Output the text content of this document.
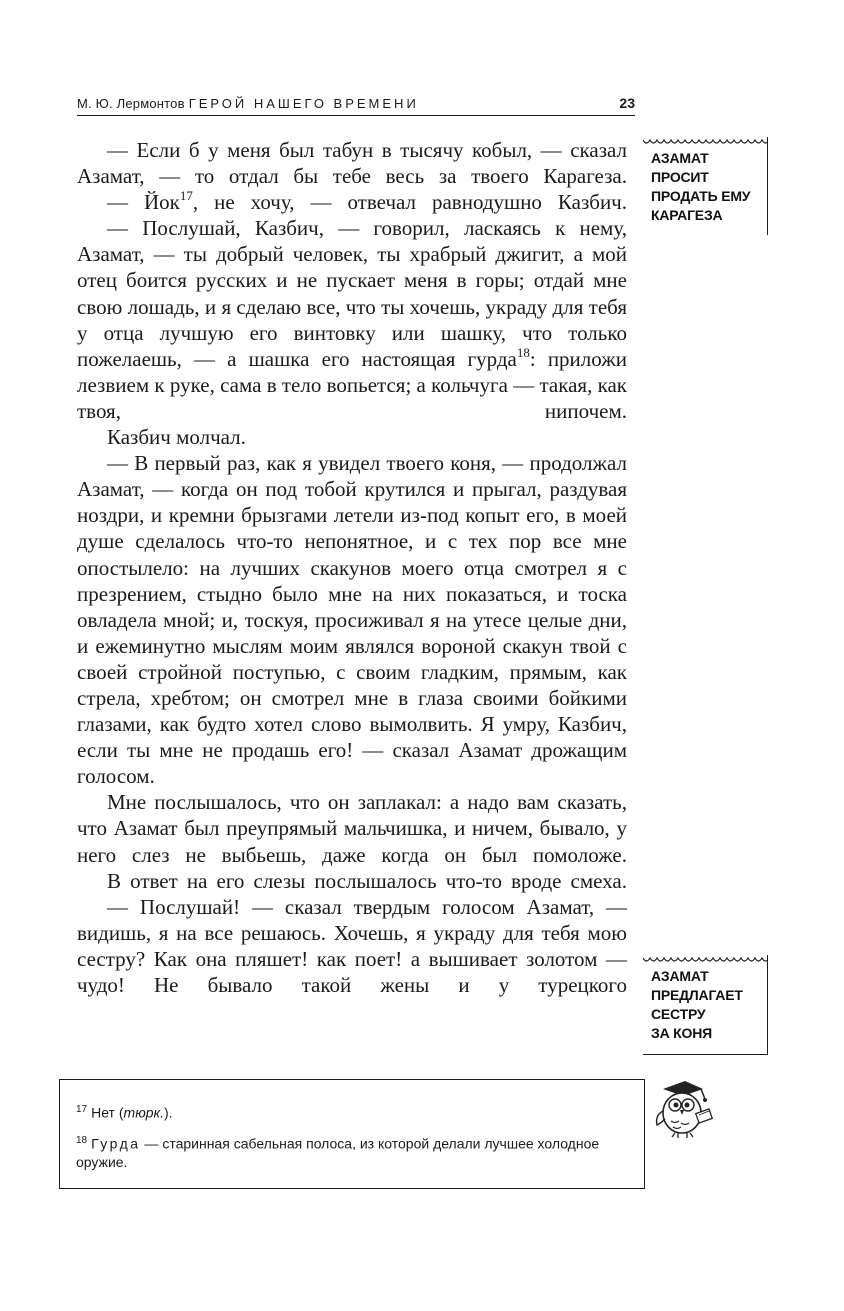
М. Ю. Лермонтов ГЕРОЙ НАШЕГО ВРЕМЕНИ	23

— Если б у меня был табун в тысячу кобыл, — сказал Азамат, — то отдал бы тебе весь за твоего Карагеза.

— Йок$^{17}$, не хочу, — отвечал равнодушно Казбич.

— Послушай, Казбич, — говорил, ласкаясь к нему, Азамат, — ты добрый человек, ты храбрый джигит, а мой отец боится русских и не пускает меня в горы; отдай мне свою лошадь, и я сделаю все, что ты хочешь, украду для тебя у отца лучшую его винтовку или шашку, что только пожелаешь, — а шашка его настоящая гурда$^{18}$: приложи лезвием к руке, сама в тело вопьется; а кольчуга — такая, как твоя, нипочем.

Казбич молчал.

— В первый раз, как я увидел твоего коня, — продолжал Азамат, — когда он под тобой крутился и прыгал, раздувая ноздри, и кремни брызгами летели из-под копыт его, в моей душе сделалось что-то непонятное, и с тех пор все мне опостылело: на лучших скакунов моего отца смотрел я с презрением, стыдно было мне на них показаться, и тоска овладела мной; и, тоскуя, просиживал я на утесе целые дни, и ежеминутно мыслям моим являлся вороной скакун твой с своей стройной поступью, с своим гладким, прямым, как стрела, хребтом; он смотрел мне в глаза своими бойкими глазами, как будто хотел слово вымолвить. Я умру, Казбич, если ты мне не продашь его! — сказал Азамат дрожащим голосом.

Мне послышалось, что он заплакал: а надо вам сказать, что Азамат был преупрямый мальчишка, и ничем, бывало, у него слез не выбьешь, даже когда он был помоложе.

В ответ на его слезы послышалось что-то вроде смеха.

— Послушай! — сказал твердым голосом Азамат, — видишь, я на все решаюсь. Хочешь, я украду для тебя мою сестру? Как она пляшет! как поет! а вышивает золотом — чудо! Не бывало такой жены и у турецкого

АЗАМАТ
ПРОСИТ
ПРОДАТЬ ЕМУ
КАРАГЕЗА
АЗАМАТ
ПРЕДЛАГАЕТ
СЕСТРУ
ЗА КОНЯ
$^{17}$ Нет (тюрк.).
$^{18}$ Гурда — старинная сабельная полоса, из которой делали лучшее холодное оружие.
